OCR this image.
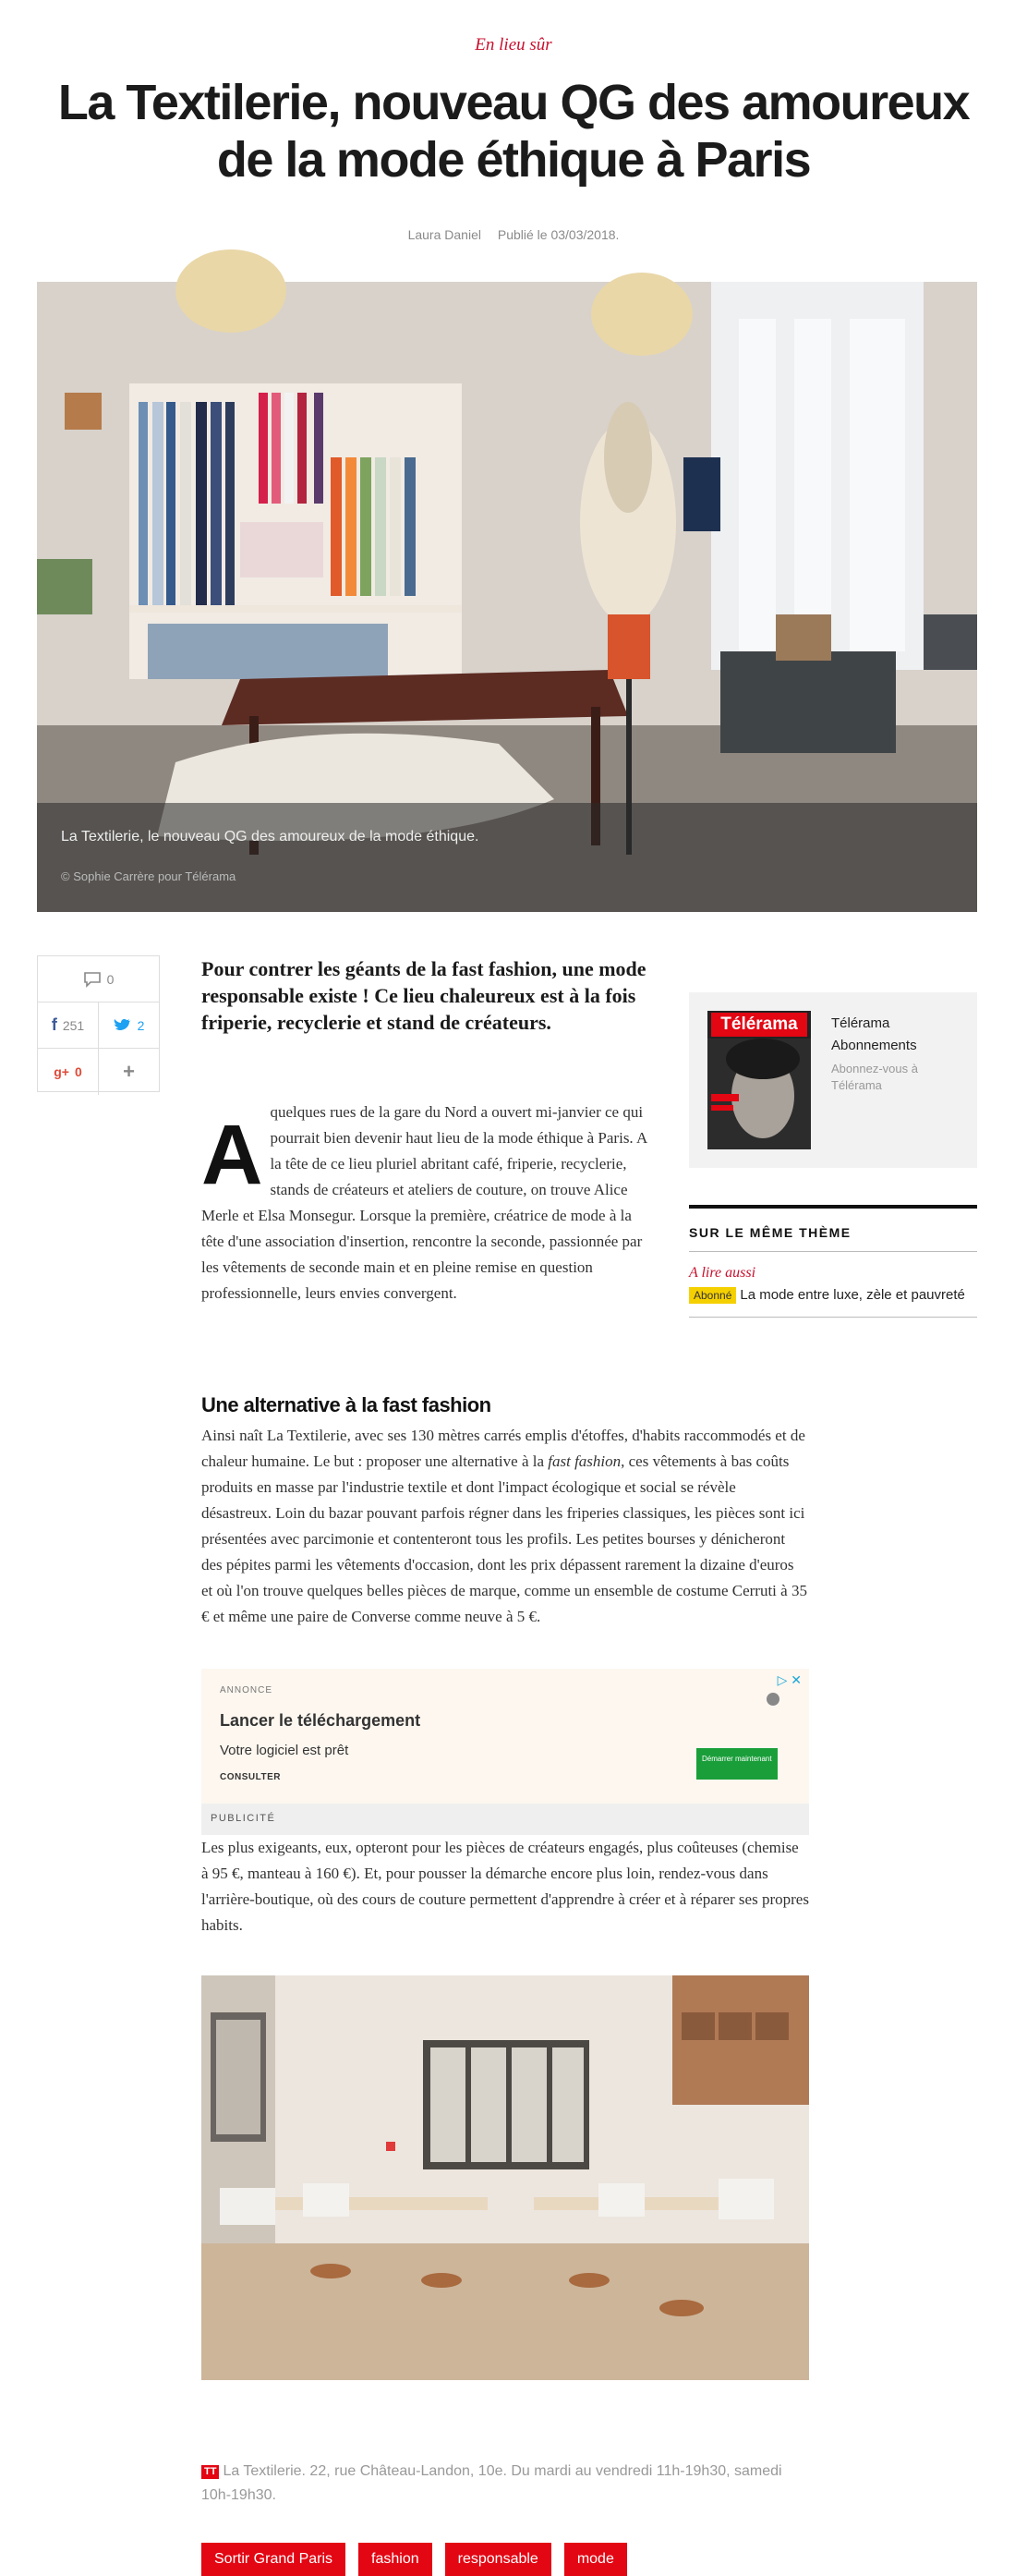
En lieu sûr
La Textilerie, nouveau QG des amoureux de la mode éthique à Paris
Laura Daniel Publié le 03/03/2018.
La Textilerie, le nouveau QG des amoureux de la mode éthique.
© Sophie Carrère pour Télérama
0
f 251	2
g+ 0 +

Pour contrer les géants de la fast fashion, une mode responsable existe ! Ce lieu chaleureux est à la fois friperie, recyclerie et stand de créateurs.

Aquelques rues de la gare du Nord a ouvert mi-janvier ce qui pourrait bien devenir haut lieu de la mode éthique à Paris. A la tête de ce lieu pluriel abritant café, friperie, recyclerie, stands de créateurs et ateliers de couture, on trouve Alice Merle et Elsa Monsegur. Lorsque la première, créatrice de mode à la tête d'une association d'insertion, rencontre la seconde, passionnée par les vêtements de seconde main et en pleine remise en question professionnelle, leurs envies convergent.
Télérama	Télérama
Abonnements
Abonnez-vous à Télérama
SUR LE MÊME THÈME
A lire aussi
Abonné La mode entre luxe, zèle et pauvreté
Une alternative à la fast fashion

Ainsi naît La Textilerie, avec ses 130 mètres carrés emplis d'étoffes, d'habits raccommodés et de chaleur humaine. Le but : proposer une alternative à la fast fashion, ces vêtements à bas coûts produits en masse par l'industrie textile et dont l'impact écologique et social se révèle désastreux. Loin du bazar pouvant parfois régner dans les friperies classiques, les pièces sont ici présentées avec parcimonie et contenteront tous les profils. Les petites bourses y dénicheront des pépites parmi les vêtements d'occasion, dont les prix dépassent rarement la dizaine d'euros et où l'on trouve quelques belles pièces de marque, comme un ensemble de costume Cerruti à 35 € et même une paire de Converse comme neuve à 5 €.

ANNONCE
▷ ✕
Lancer le téléchargement
Votre logiciel est prêt
CONSULTER
Démarrer maintenant
PUBLICITÉ

Les plus exigeants, eux, opteront pour les pièces de créateurs engagés, plus coûteuses (chemise à 95 €, manteau à 160 €). Et, pour pousser la démarche encore plus loin, rendez-vous dans l'arrière-boutique, où des cours de couture permettent d'apprendre à créer et à réparer ses propres habits.

TT La Textilerie. 22, rue Château-Landon, 10e. Du mardi au vendredi 11h-19h30, samedi 10h-19h30.

Sortir Grand Paris	fashion	responsable	mode
